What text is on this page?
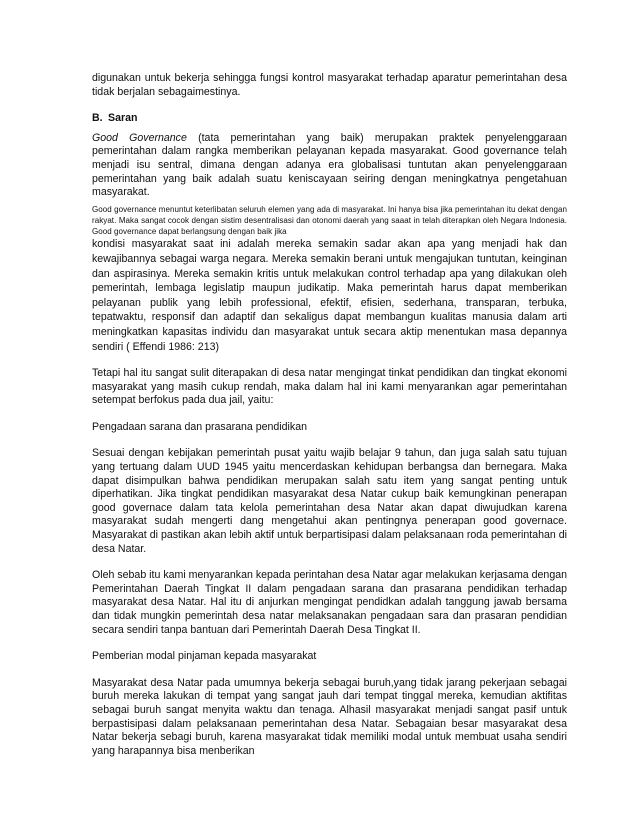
digunakan untuk bekerja sehingga fungsi kontrol masyarakat terhadap aparatur pemerintahan desa tidak berjalan sebagaimestinya.

B. Saran

Good Governance (tata pemerintahan yang baik) merupakan praktek penyelenggaraan pemerintahan dalam rangka memberikan pelayanan kepada masyarakat. Good governance telah menjadi isu sentral, dimana dengan adanya era globalisasi tuntutan akan penyelenggaraan pemerintahan yang baik adalah suatu keniscayaan seiring dengan meningkatnya pengetahuan masyarakat.

Good governance menuntut keterlibatan seluruh elemen yang ada di masyarakat. Ini hanya bisa jika pemerintahan itu dekat dengan rakyat. Maka sangat cocok dengan sistim desentralisasi dan otonomi daerah yang saaat in telah diterapkan oleh Negara Indonesia. Good governance dapat berlangsung dengan baik jika

kondisi masyarakat saat ini adalah mereka semakin sadar akan apa yang menjadi hak dan kewajibannya sebagai warga negara. Mereka semakin berani untuk mengajukan tuntutan, keinginan dan aspirasinya. Mereka semakin kritis untuk melakukan control terhadap apa yang dilakukan oleh pemerintah, lembaga legislatip maupun judikatip. Maka pemerintah harus dapat memberikan pelayanan publik yang lebih professional, efektif, efisien, sederhana, transparan, terbuka, tepatwaktu, responsif dan adaptif dan sekaligus dapat membangun kualitas manusia dalam arti meningkatkan kapasitas individu dan masyarakat untuk secara aktip menentukan masa depannya sendiri ( Effendi 1986: 213)

Tetapi hal itu sangat sulit diterapakan di desa natar mengingat tinkat pendidikan dan tingkat ekonomi masyarakat yang masih cukup rendah, maka dalam hal ini kami menyarankan agar pemerintahan setempat berfokus pada dua jail, yaitu:

Pengadaan sarana dan prasarana pendidikan

Sesuai dengan kebijakan pemerintah pusat yaitu wajib belajar 9 tahun, dan juga salah satu tujuan yang tertuang dalam UUD 1945 yaitu mencerdaskan kehidupan berbangsa dan bernegara. Maka dapat disimpulkan bahwa pendidikan merupakan salah satu item yang sangat penting untuk diperhatikan. Jika tingkat pendidikan masyarakat desa Natar cukup baik kemungkinan penerapan good governace dalam tata kelola pemerintahan desa Natar akan dapat diwujudkan karena masyarakat sudah mengerti dang mengetahui akan pentingnya penerapan good governace. Masyarakat di pastikan akan lebih aktif untuk berpartisipasi dalam pelaksanaan roda pemerintahan di desa Natar.

Oleh sebab itu kami menyarankan kepada perintahan desa Natar agar melakukan kerjasama dengan Pemerintahan Daerah Tingkat II dalam pengadaan sarana dan prasarana pendidikan terhadap masyarakat desa Natar. Hal itu di anjurkan mengingat pendidkan adalah tanggung jawab bersama dan tidak mungkin pemerintah desa natar melaksanakan pengadaan sara dan prasaran pendidian secara sendiri tanpa bantuan dari Pemerintah Daerah Desa Tingkat II.

Pemberian modal pinjaman kepada masyarakat

Masyarakat desa Natar pada umumnya bekerja sebagai buruh,yang tidak jarang pekerjaan sebagai buruh mereka lakukan di tempat yang sangat jauh dari tempat tinggal mereka, kemudian aktifitas sebagai buruh sangat menyita waktu dan tenaga. Alhasil masyarakat menjadi sangat pasif untuk berpastisipasi dalam pelaksanaan pemerintahan desa Natar. Sebagaian besar masyarakat desa Natar bekerja sebagi buruh, karena masyarakat tidak memiliki modal untuk membuat usaha sendiri yang harapannya bisa menberikan
